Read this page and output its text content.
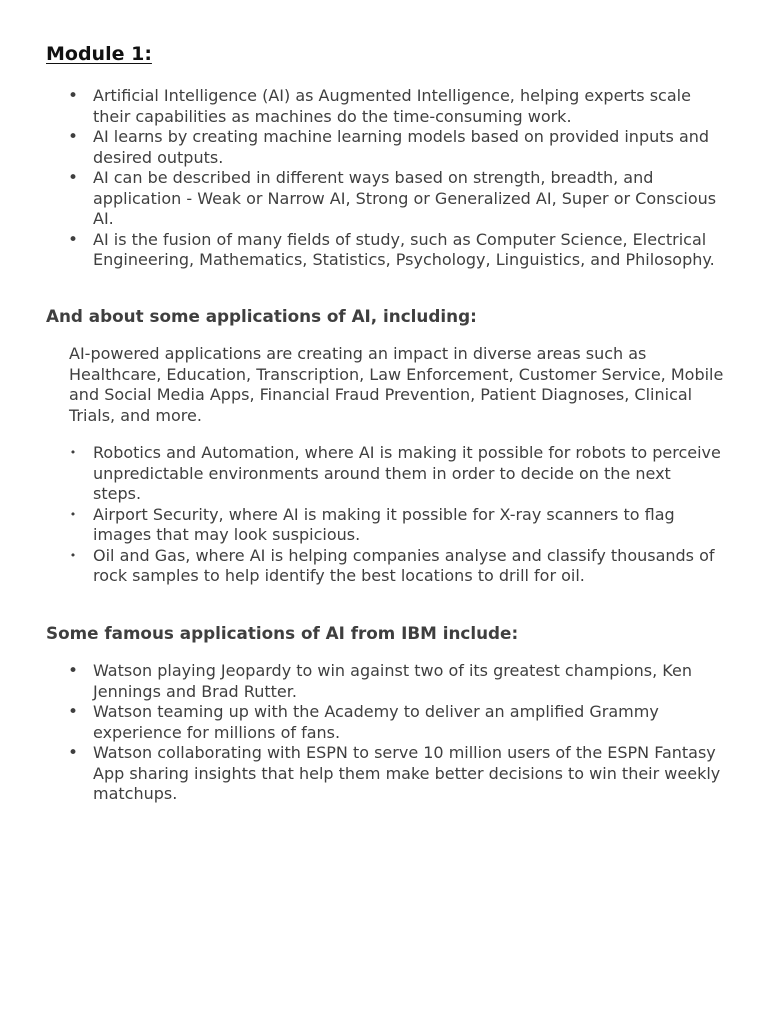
Module 1:
• Artificial Intelligence (AI) as Augmented Intelligence, helping experts scale their capabilities as machines do the time-consuming work.
• AI learns by creating machine learning models based on provided inputs and desired outputs.
• AI can be described in different ways based on strength, breadth, and application - Weak or Narrow AI, Strong or Generalized AI, Super or Conscious AI.
• AI is the fusion of many fields of study, such as Computer Science, Electrical Engineering, Mathematics, Statistics, Psychology, Linguistics, and Philosophy.
And about some applications of AI, including:

AI-powered applications are creating an impact in diverse areas such as Healthcare, Education, Transcription, Law Enforcement, Customer Service, Mobile and Social Media Apps, Financial Fraud Prevention, Patient Diagnoses, Clinical Trials, and more.

• Robotics and Automation, where AI is making it possible for robots to perceive unpredictable environments around them in order to decide on the next steps.
• Airport Security, where AI is making it possible for X-ray scanners to flag images that may look suspicious.
• Oil and Gas, where AI is helping companies analyse and classify thousands of rock samples to help identify the best locations to drill for oil.
Some famous applications of AI from IBM include:
• Watson playing Jeopardy to win against two of its greatest champions, Ken Jennings and Brad Rutter.
• Watson teaming up with the Academy to deliver an amplified Grammy experience for millions of fans.
• Watson collaborating with ESPN to serve 10 million users of the ESPN Fantasy App sharing insights that help them make better decisions to win their weekly matchups.
